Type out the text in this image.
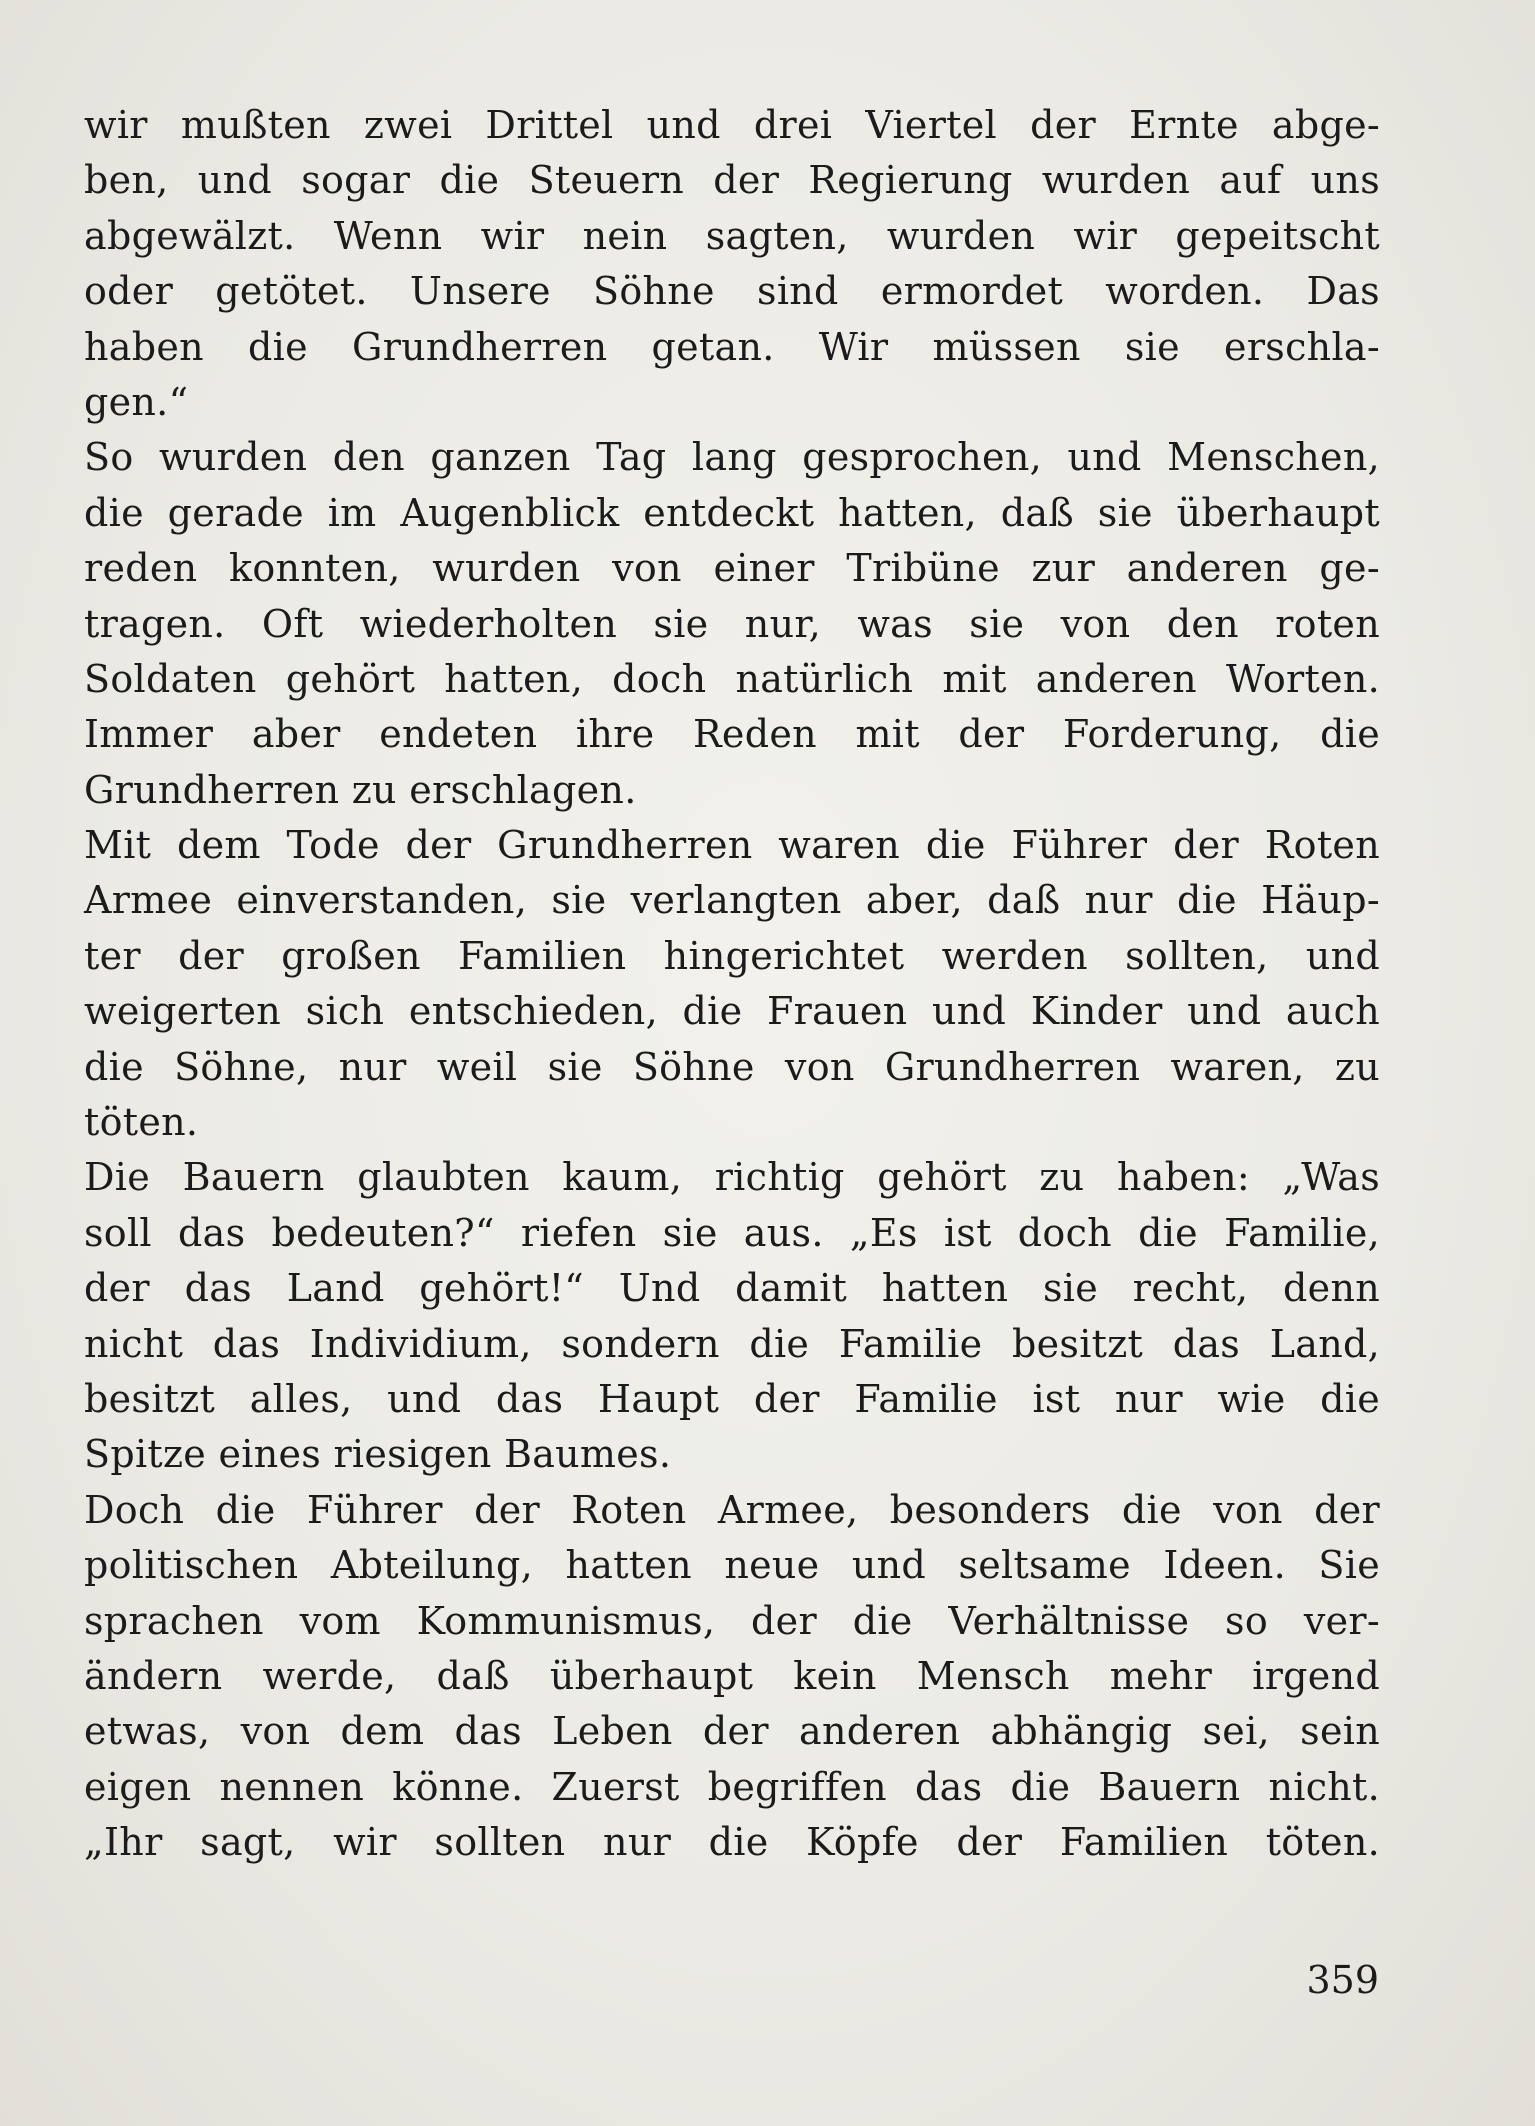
wir mußten zwei Drittel und drei Viertel der Ernte abge-
ben, und sogar die Steuern der Regierung wurden auf uns
abgewälzt. Wenn wir nein sagten, wurden wir gepeitscht
oder getötet. Unsere Söhne sind ermordet worden. Das
haben die Grundherren getan. Wir müssen sie erschla-
gen.“
So wurden den ganzen Tag lang gesprochen, und Menschen,
die gerade im Augenblick entdeckt hatten, daß sie überhaupt
reden konnten, wurden von einer Tribüne zur anderen ge-
tragen. Oft wiederholten sie nur, was sie von den roten
Soldaten gehört hatten, doch natürlich mit anderen Worten.
Immer aber endeten ihre Reden mit der Forderung, die
Grundherren zu erschlagen.
Mit dem Tode der Grundherren waren die Führer der Roten
Armee einverstanden, sie verlangten aber, daß nur die Häup-
ter der großen Familien hingerichtet werden sollten, und
weigerten sich entschieden, die Frauen und Kinder und auch
die Söhne, nur weil sie Söhne von Grundherren waren, zu
töten.
Die Bauern glaubten kaum, richtig gehört zu haben: „Was
soll das bedeuten?“ riefen sie aus. „Es ist doch die Familie,
der das Land gehört!“ Und damit hatten sie recht, denn
nicht das Individium, sondern die Familie besitzt das Land,
besitzt alles, und das Haupt der Familie ist nur wie die
Spitze eines riesigen Baumes.
Doch die Führer der Roten Armee, besonders die von der
politischen Abteilung, hatten neue und seltsame Ideen. Sie
sprachen vom Kommunismus, der die Verhältnisse so ver-
ändern werde, daß überhaupt kein Mensch mehr irgend
etwas, von dem das Leben der anderen abhängig sei, sein
eigen nennen könne. Zuerst begriffen das die Bauern nicht.
„Ihr sagt, wir sollten nur die Köpfe der Familien töten.
359
